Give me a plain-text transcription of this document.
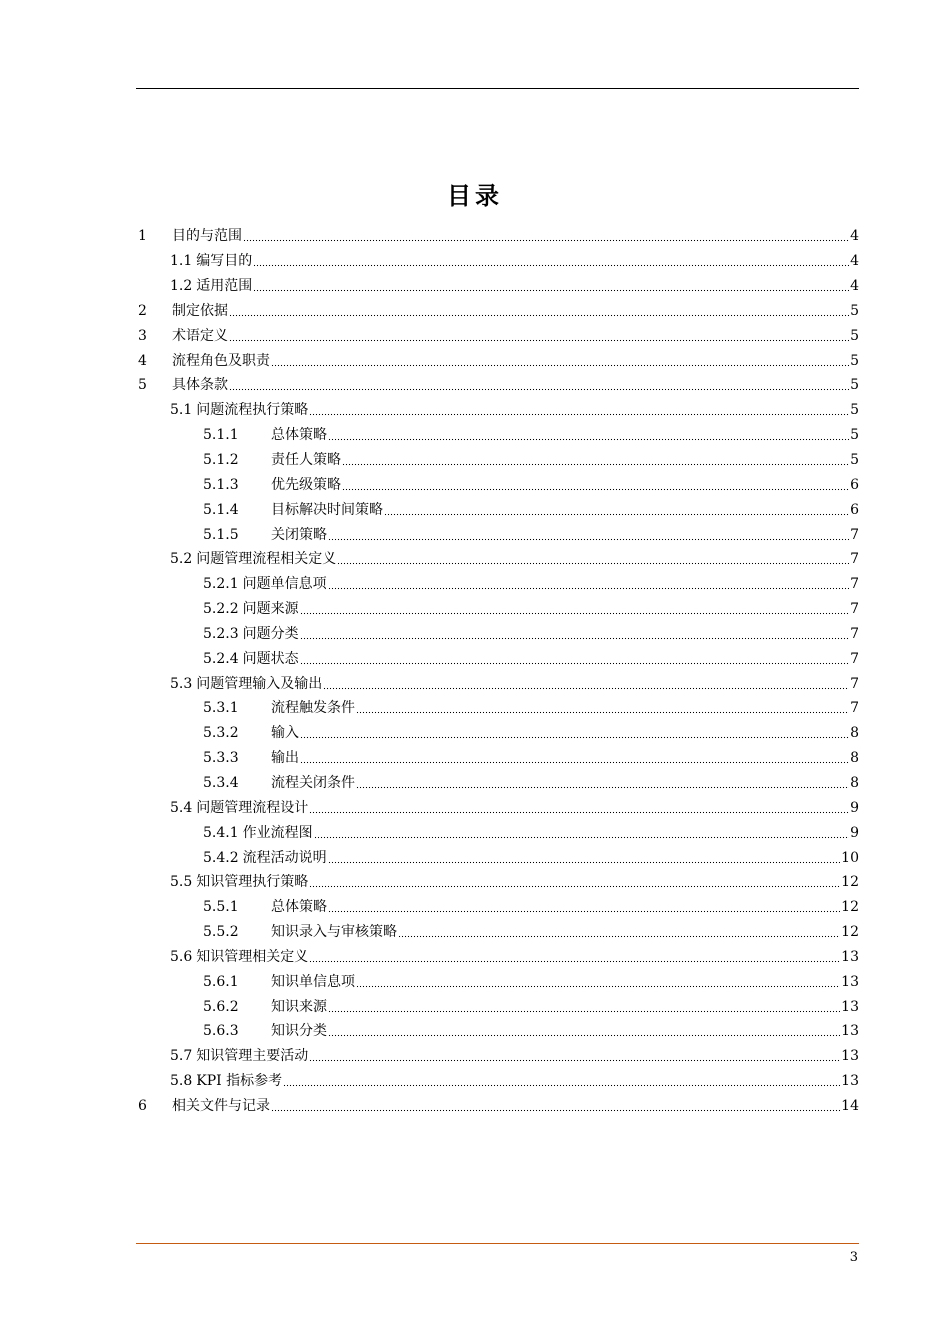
目录
1	目的与范围	4
1.1 编写目的	4
1.2 适用范围	4
2	制定依据	5
3	术语定义	5
4	流程角色及职责	5
5	具体条款	5
5.1 问题流程执行策略	5
5.1.1	总体策略	5
5.1.2	责任人策略	5
5.1.3	优先级策略	6
5.1.4	目标解决时间策略	6
5.1.5	关闭策略	7
5.2 问题管理流程相关定义	7
5.2.1 问题单信息项	7
5.2.2 问题来源	7
5.2.3 问题分类	7
5.2.4 问题状态	7
5.3 问题管理输入及输出	7
5.3.1	流程触发条件	7
5.3.2	输入	8
5.3.3	输出	8
5.3.4	流程关闭条件	8
5.4 问题管理流程设计	9
5.4.1 作业流程图	9
5.4.2 流程活动说明	10
5.5 知识管理执行策略	12
5.5.1	总体策略	12
5.5.2	知识录入与审核策略	12
5.6 知识管理相关定义	13
5.6.1	知识单信息项	13
5.6.2	知识来源	13
5.6.3	知识分类	13
5.7 知识管理主要活动	13
5.8 KPI 指标参考	13
6	相关文件与记录	14
3
